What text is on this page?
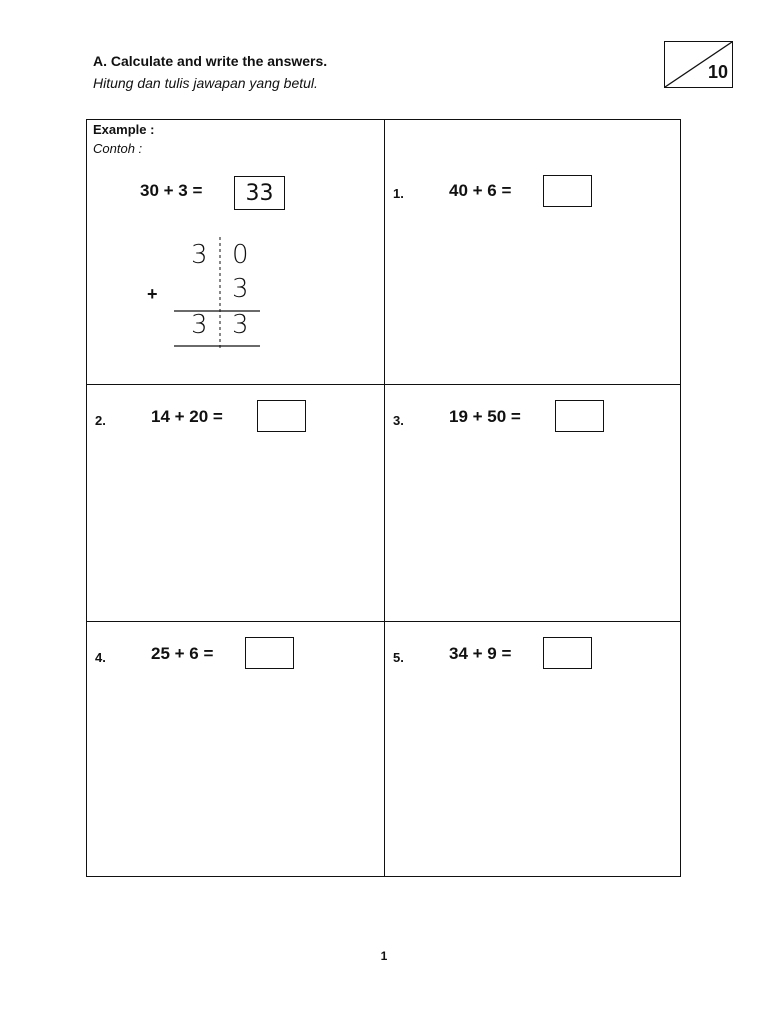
A. Calculate and write the answers.
Hitung dan tulis jawapan yang betul.
10
Example :
Contoh :
30 + 3 =	33
3 0
+	3
3 3
1.	40 + 6 =
2.	14 + 20 =	3.	19 + 50 =
4.	25 + 6 =	5.	34 + 9 =
1
